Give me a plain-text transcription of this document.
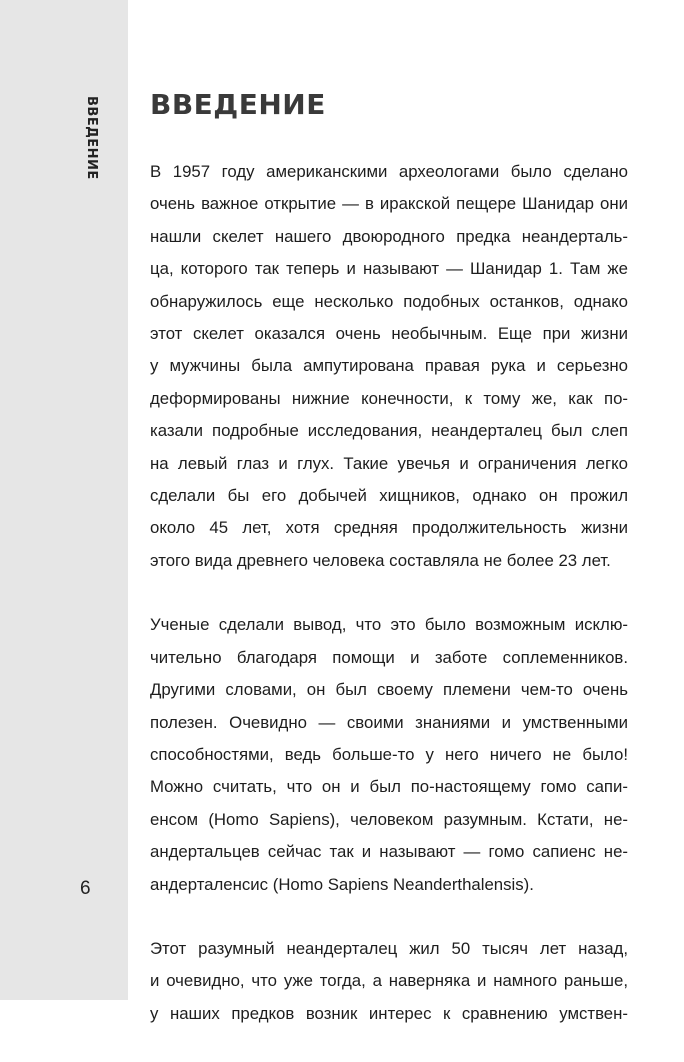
ВВЕДЕНИЕ
6
ВВЕДЕНИЕ
В 1957 году американскими археологами было сделано
очень важное открытие — в иракской пещере Шанидар они
нашли скелет нашего двоюродного предка неандерталь-
ца, которого так теперь и называют — Шанидар 1. Там же
обнаружилось еще несколько подобных останков, однако
этот скелет оказался очень необычным. Еще при жизни
у мужчины была ампутирована правая рука и серьезно
деформированы нижние конечности, к тому же, как по-
казали подробные исследования, неандерталец был слеп
на левый глаз и глух. Такие увечья и ограничения легко
сделали бы его добычей хищников, однако он прожил
около 45 лет, хотя средняя продолжительность жизни
этого вида древнего человека составляла не более 23 лет.
Ученые сделали вывод, что это было возможным исклю-
чительно благодаря помощи и заботе соплеменников.
Другими словами, он был своему племени чем-то очень
полезен. Очевидно — своими знаниями и умственными
способностями, ведь больше-то у него ничего не было!
Можно считать, что он и был по-настоящему гомо сапи-
енсом (Homo Sapiens), человеком разумным. Кстати, не-
андертальцев сейчас так и называют — гомо сапиенс не-
андерталенсис (Homo Sapiens Neanderthalensis).
Этот разумный неандерталец жил 50 тысяч лет назад,
и очевидно, что уже тогда, а наверняка и намного раньше,
у наших предков возник интерес к сравнению умствен-
